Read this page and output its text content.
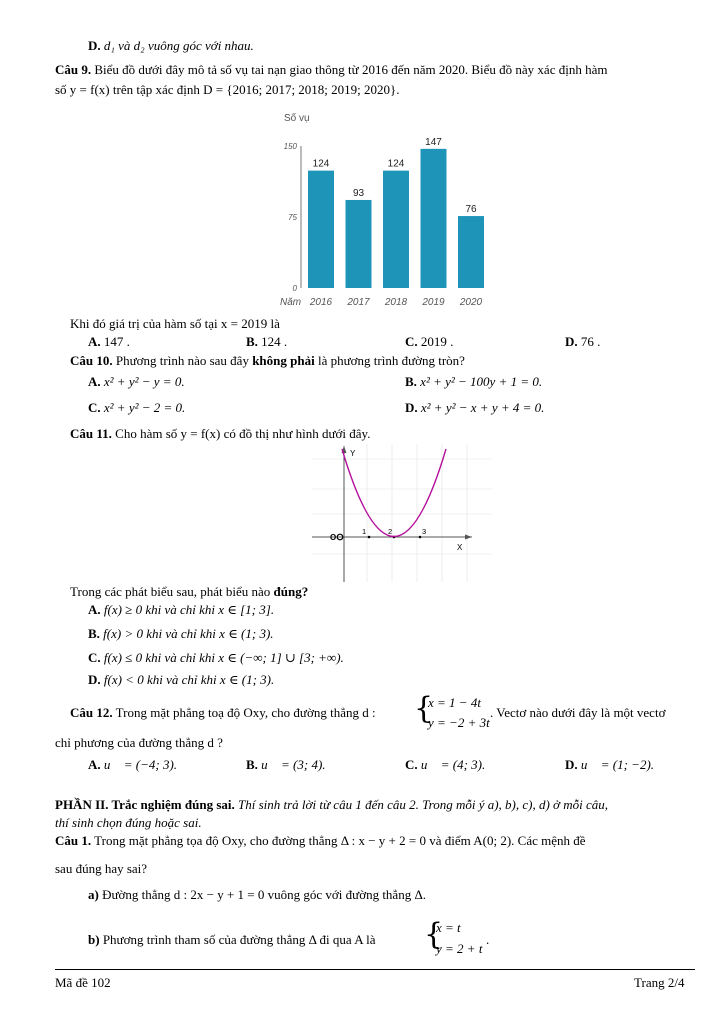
D. d₁ và d₂ vuông góc với nhau.
Câu 9. Biểu đồ dưới đây mô tả số vụ tai nạn giao thông từ 2016 đến năm 2020. Biểu đồ này xác định hàm
số y = f(x) trên tập xác định D = {2016; 2017; 2018; 2019; 2020}.
Số vụ
150
75
0
124
93
124
147
76
2016 2017 2018 2019 2020
Năm
Khi đó giá trị của hàm số tại x = 2019 là
A. 147 .	B. 124 .	C. 2019 .	D. 76 .
Câu 10. Phương trình nào sau đây không phải là phương trình đường tròn?
A. x² + y² − y = 0.	B. x² + y² − 100y + 1 = 0.
C. x² + y² − 2 = 0.	D. x² + y² − x + y + 4 = 0.
Câu 11. Cho hàm số y = f(x) có đồ thị như hình dưới đây.
Y
X
O
1	2	3
Trong các phát biểu sau, phát biểu nào đúng?
A. f(x) ≥ 0 khi và chỉ khi x ∈ [1; 3].
B. f(x) > 0 khi và chỉ khi x ∈ (1; 3).
C. f(x) ≤ 0 khi và chỉ khi x ∈ (−∞; 1] ∪ [3; +∞).
D. f(x) < 0 khi và chỉ khi x ∈ (1; 3).
Câu 12. Trong mặt phẳng toạ độ Oxy, cho đường thẳng d : {
x = 1 − 4t
y = −2 + 3t
. Vectơ nào dưới đây là một vectơ
chỉ phương của đường thẳng d ?
A. u⃗ = (−4; 3).	B. u⃗ = (3; 4).	C. u⃗ = (4; 3).	D. u⃗ = (1; −2).
PHẦN II. Trắc nghiệm đúng sai. Thí sinh trả lời từ câu 1 đến câu 2. Trong mỗi ý a), b), c), d) ở mỗi câu,
thí sinh chọn đúng hoặc sai.
Câu 1. Trong mặt phẳng tọa độ Oxy, cho đường thẳng Δ : x − y + 2 = 0 và điểm A(0; 2). Các mệnh đề
sau đúng hay sai?
a) Đường thẳng d : 2x − y + 1 = 0 vuông góc với đường thẳng Δ.
b) Phương trình tham số của đường thẳng Δ đi qua A là {
x = t
y = 2 + t
.
Mã đề 102	Trang 2/4
